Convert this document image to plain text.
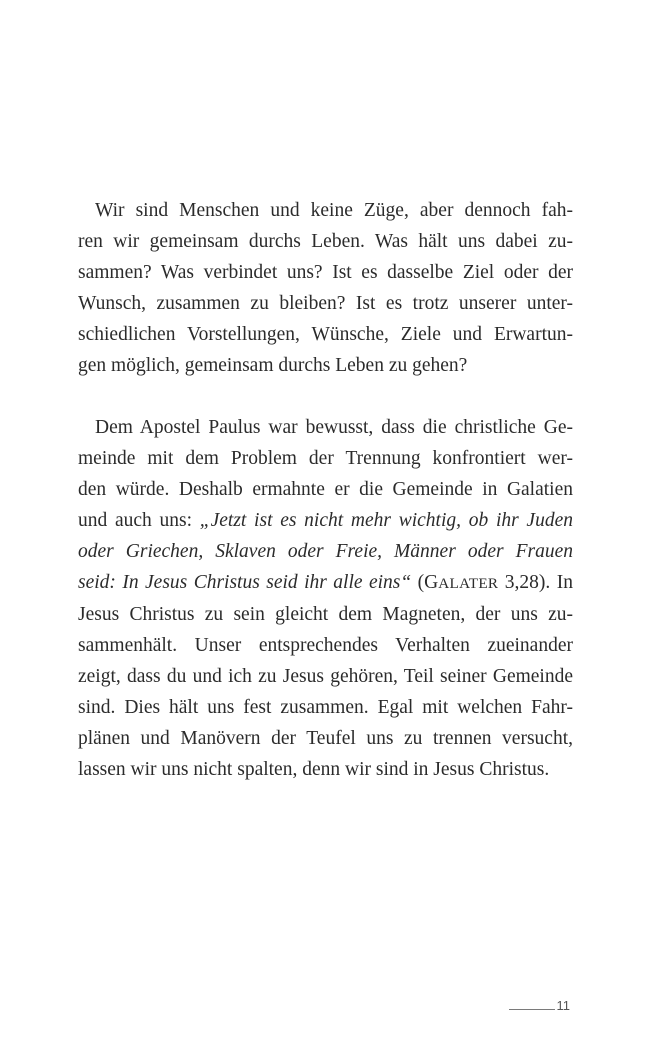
Wir sind Menschen und keine Züge, aber dennoch fah-
ren wir gemeinsam durchs Leben. Was hält uns dabei zu-
sammen? Was verbindet uns? Ist es dasselbe Ziel oder der
Wunsch, zusammen zu bleiben? Ist es trotz unserer unter-
schiedlichen Vorstellungen, Wünsche, Ziele und Erwartun-
gen möglich, gemeinsam durchs Leben zu gehen?
Dem Apostel Paulus war bewusst, dass die christliche Ge-
meinde mit dem Problem der Trennung konfrontiert wer-
den würde. Deshalb ermahnte er die Gemeinde in Galatien
und auch uns: „Jetzt ist es nicht mehr wichtig, ob ihr Juden
oder Griechen, Sklaven oder Freie, Männer oder Frauen
seid: In Jesus Christus seid ihr alle eins“ (GALATER 3,28). In
Jesus Christus zu sein gleicht dem Magneten, der uns zu-
sammenhält. Unser entsprechendes Verhalten zueinander
zeigt, dass du und ich zu Jesus gehören, Teil seiner Gemeinde
sind. Dies hält uns fest zusammen. Egal mit welchen Fahr-
plänen und Manövern der Teufel uns zu trennen versucht,
lassen wir uns nicht spalten, denn wir sind in Jesus Christus.
11
